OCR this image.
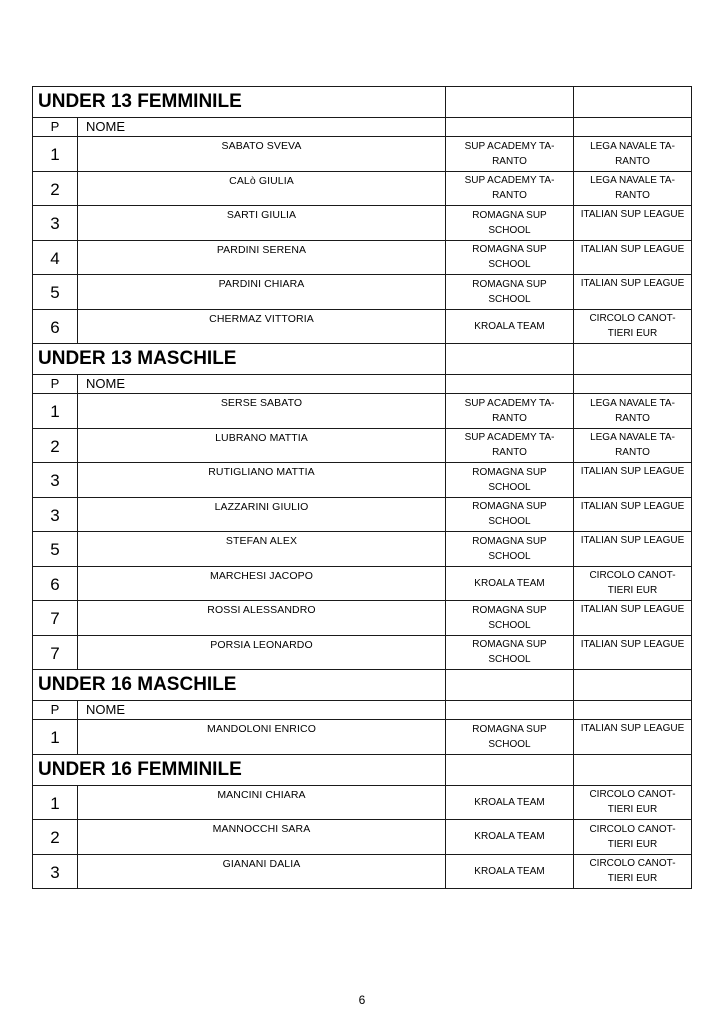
UNDER 13 FEMMINILE			

P	NOME		
1	SABATO SVEVA	SUP ACADEMY TA-
RANTO	LEGA NAVALE TA-
RANTO
2	CALò GIULIA	SUP ACADEMY TA-
RANTO	LEGA NAVALE TA-
RANTO
3	SARTI GIULIA	ROMAGNA SUP
SCHOOL	ITALIAN SUP LEAGUE
4	PARDINI SERENA	ROMAGNA SUP
SCHOOL	ITALIAN SUP LEAGUE
5	PARDINI CHIARA	ROMAGNA SUP
SCHOOL	ITALIAN SUP LEAGUE
6	CHERMAZ VITTORIA	KROALA TEAM	CIRCOLO CANOT-
TIERI EUR

UNDER 13 MASCHILE			

P	NOME		
1	SERSE SABATO	SUP ACADEMY TA-
RANTO	LEGA NAVALE TA-
RANTO
2	LUBRANO MATTIA	SUP ACADEMY TA-
RANTO	LEGA NAVALE TA-
RANTO
3	RUTIGLIANO MATTIA	ROMAGNA SUP
SCHOOL	ITALIAN SUP LEAGUE
3	LAZZARINI GIULIO	ROMAGNA SUP
SCHOOL	ITALIAN SUP LEAGUE
5	STEFAN ALEX	ROMAGNA SUP
SCHOOL	ITALIAN SUP LEAGUE
6	MARCHESI JACOPO	KROALA TEAM	CIRCOLO CANOT-
TIERI EUR
7	ROSSI ALESSANDRO	ROMAGNA SUP
SCHOOL	ITALIAN SUP LEAGUE
7	PORSIA LEONARDO	ROMAGNA SUP
SCHOOL	ITALIAN SUP LEAGUE

UNDER 16 MASCHILE			

P	NOME		
1	MANDOLONI ENRICO	ROMAGNA SUP
SCHOOL	ITALIAN SUP LEAGUE

UNDER 16 FEMMINILE			

1	MANCINI CHIARA	KROALA TEAM	CIRCOLO CANOT-
TIERI EUR
2	MANNOCCHI SARA	KROALA TEAM	CIRCOLO CANOT-
TIERI EUR
3	GIANANI DALIA	KROALA TEAM	CIRCOLO CANOT-
TIERI EUR
6
